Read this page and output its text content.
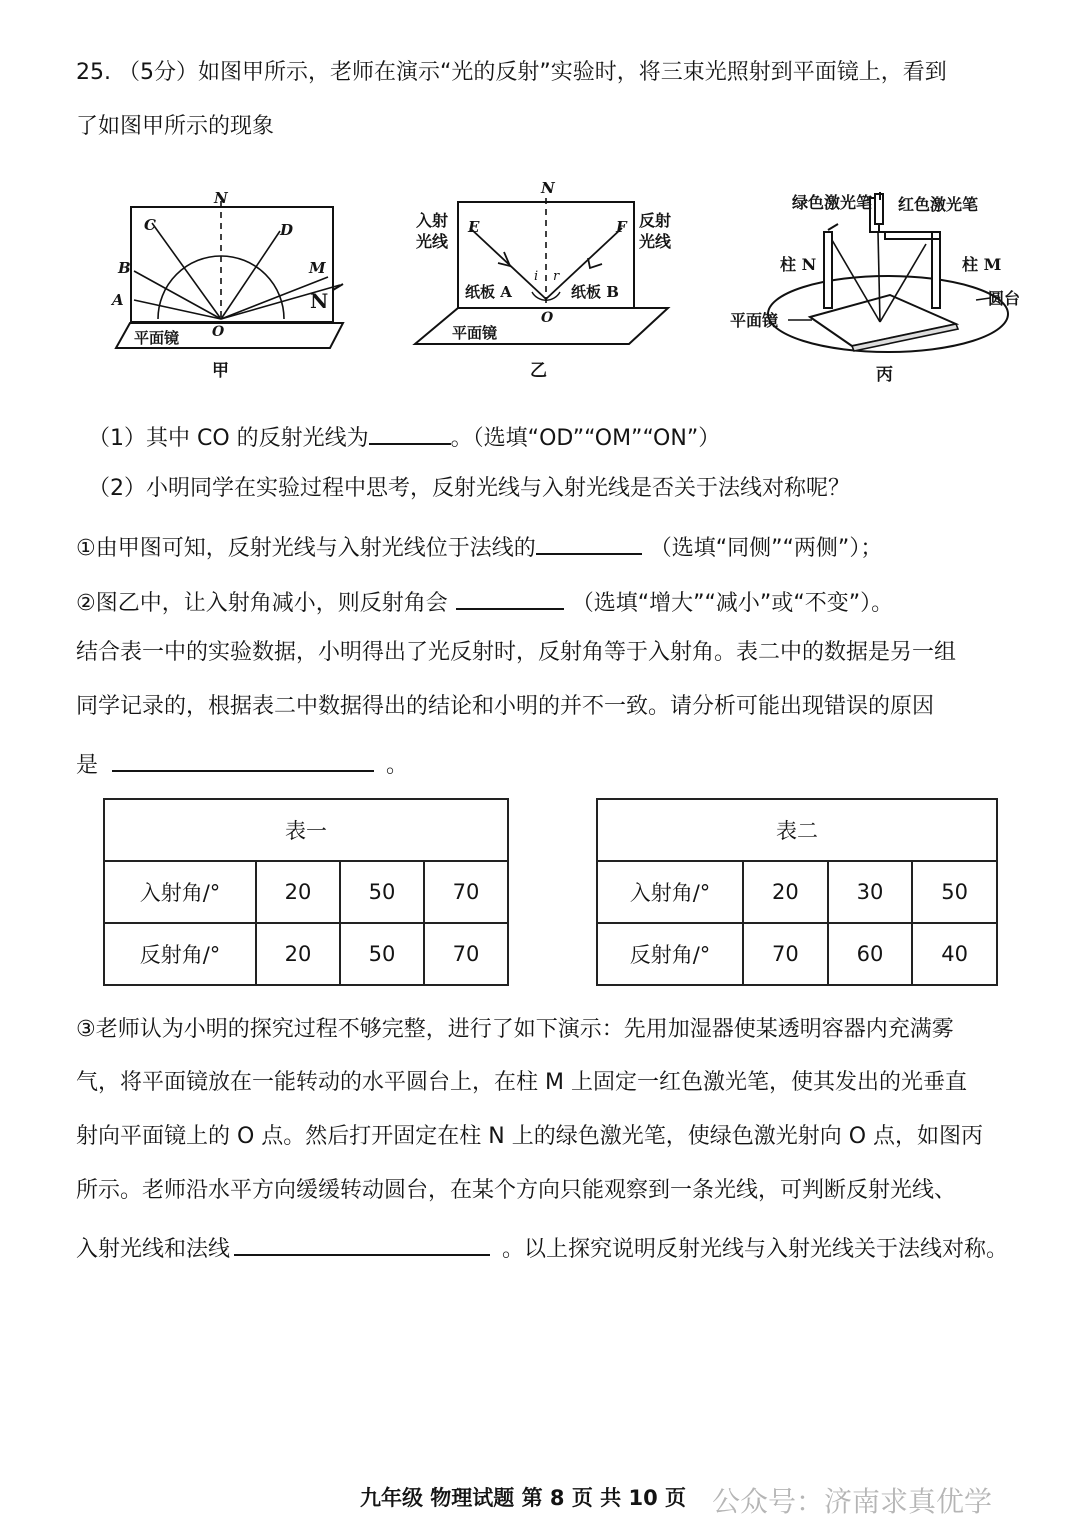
25. （5分）如图甲所示，老师在演示“光的反射”实验时，将三束光照射到平面镜上，看到
了如图甲所示的现象
N
C	D
B	M
A	N
O
平面镜
甲
N
入射
光线
反射
光线
E	F
i r
纸板 A	纸板 B
O
平面镜
乙
绿色激光笔 红色激光笔
柱 N	柱 M
圆台
平面镜
丙
（1）其中 CO 的反射光线为	。（选填“OD”“OM”“ON”）
（2）小明同学在实验过程中思考，反射光线与入射光线是否关于法线对称呢？
①由甲图可知，反射光线与入射光线位于法线的	（选填“同侧”“两侧”）；
②图乙中，让入射角减小，则反射角会	（选填“增大”“减小”或“不变”）。
结合表一中的实验数据，小明得出了光反射时，反射角等于入射角。表二中的数据是另一组
同学记录的，根据表二中数据得出的结论和小明的并不一致。请分析可能出现错误的原因
是	。
表一			
入射角/°	20	50	70
反射角/°	20	50	70
表二			
入射角/°	20	30	50
反射角/°	70	60	40
③老师认为小明的探究过程不够完整，进行了如下演示：先用加湿器使某透明容器内充满雾
气，将平面镜放在一能转动的水平圆台上，在柱 M 上固定一红色激光笔，使其发出的光垂直
射向平面镜上的 O 点。然后打开固定在柱 N 上的绿色激光笔，使绿色激光射向 O 点，如图丙
所示。老师沿水平方向缓缓转动圆台，在某个方向只能观察到一条光线，可判断反射光线、
入射光线和法线	。以上探究说明反射光线与入射光线关于法线对称。
九年级 物理试题 第 8 页 共 10 页 公众号：济南求真优学
